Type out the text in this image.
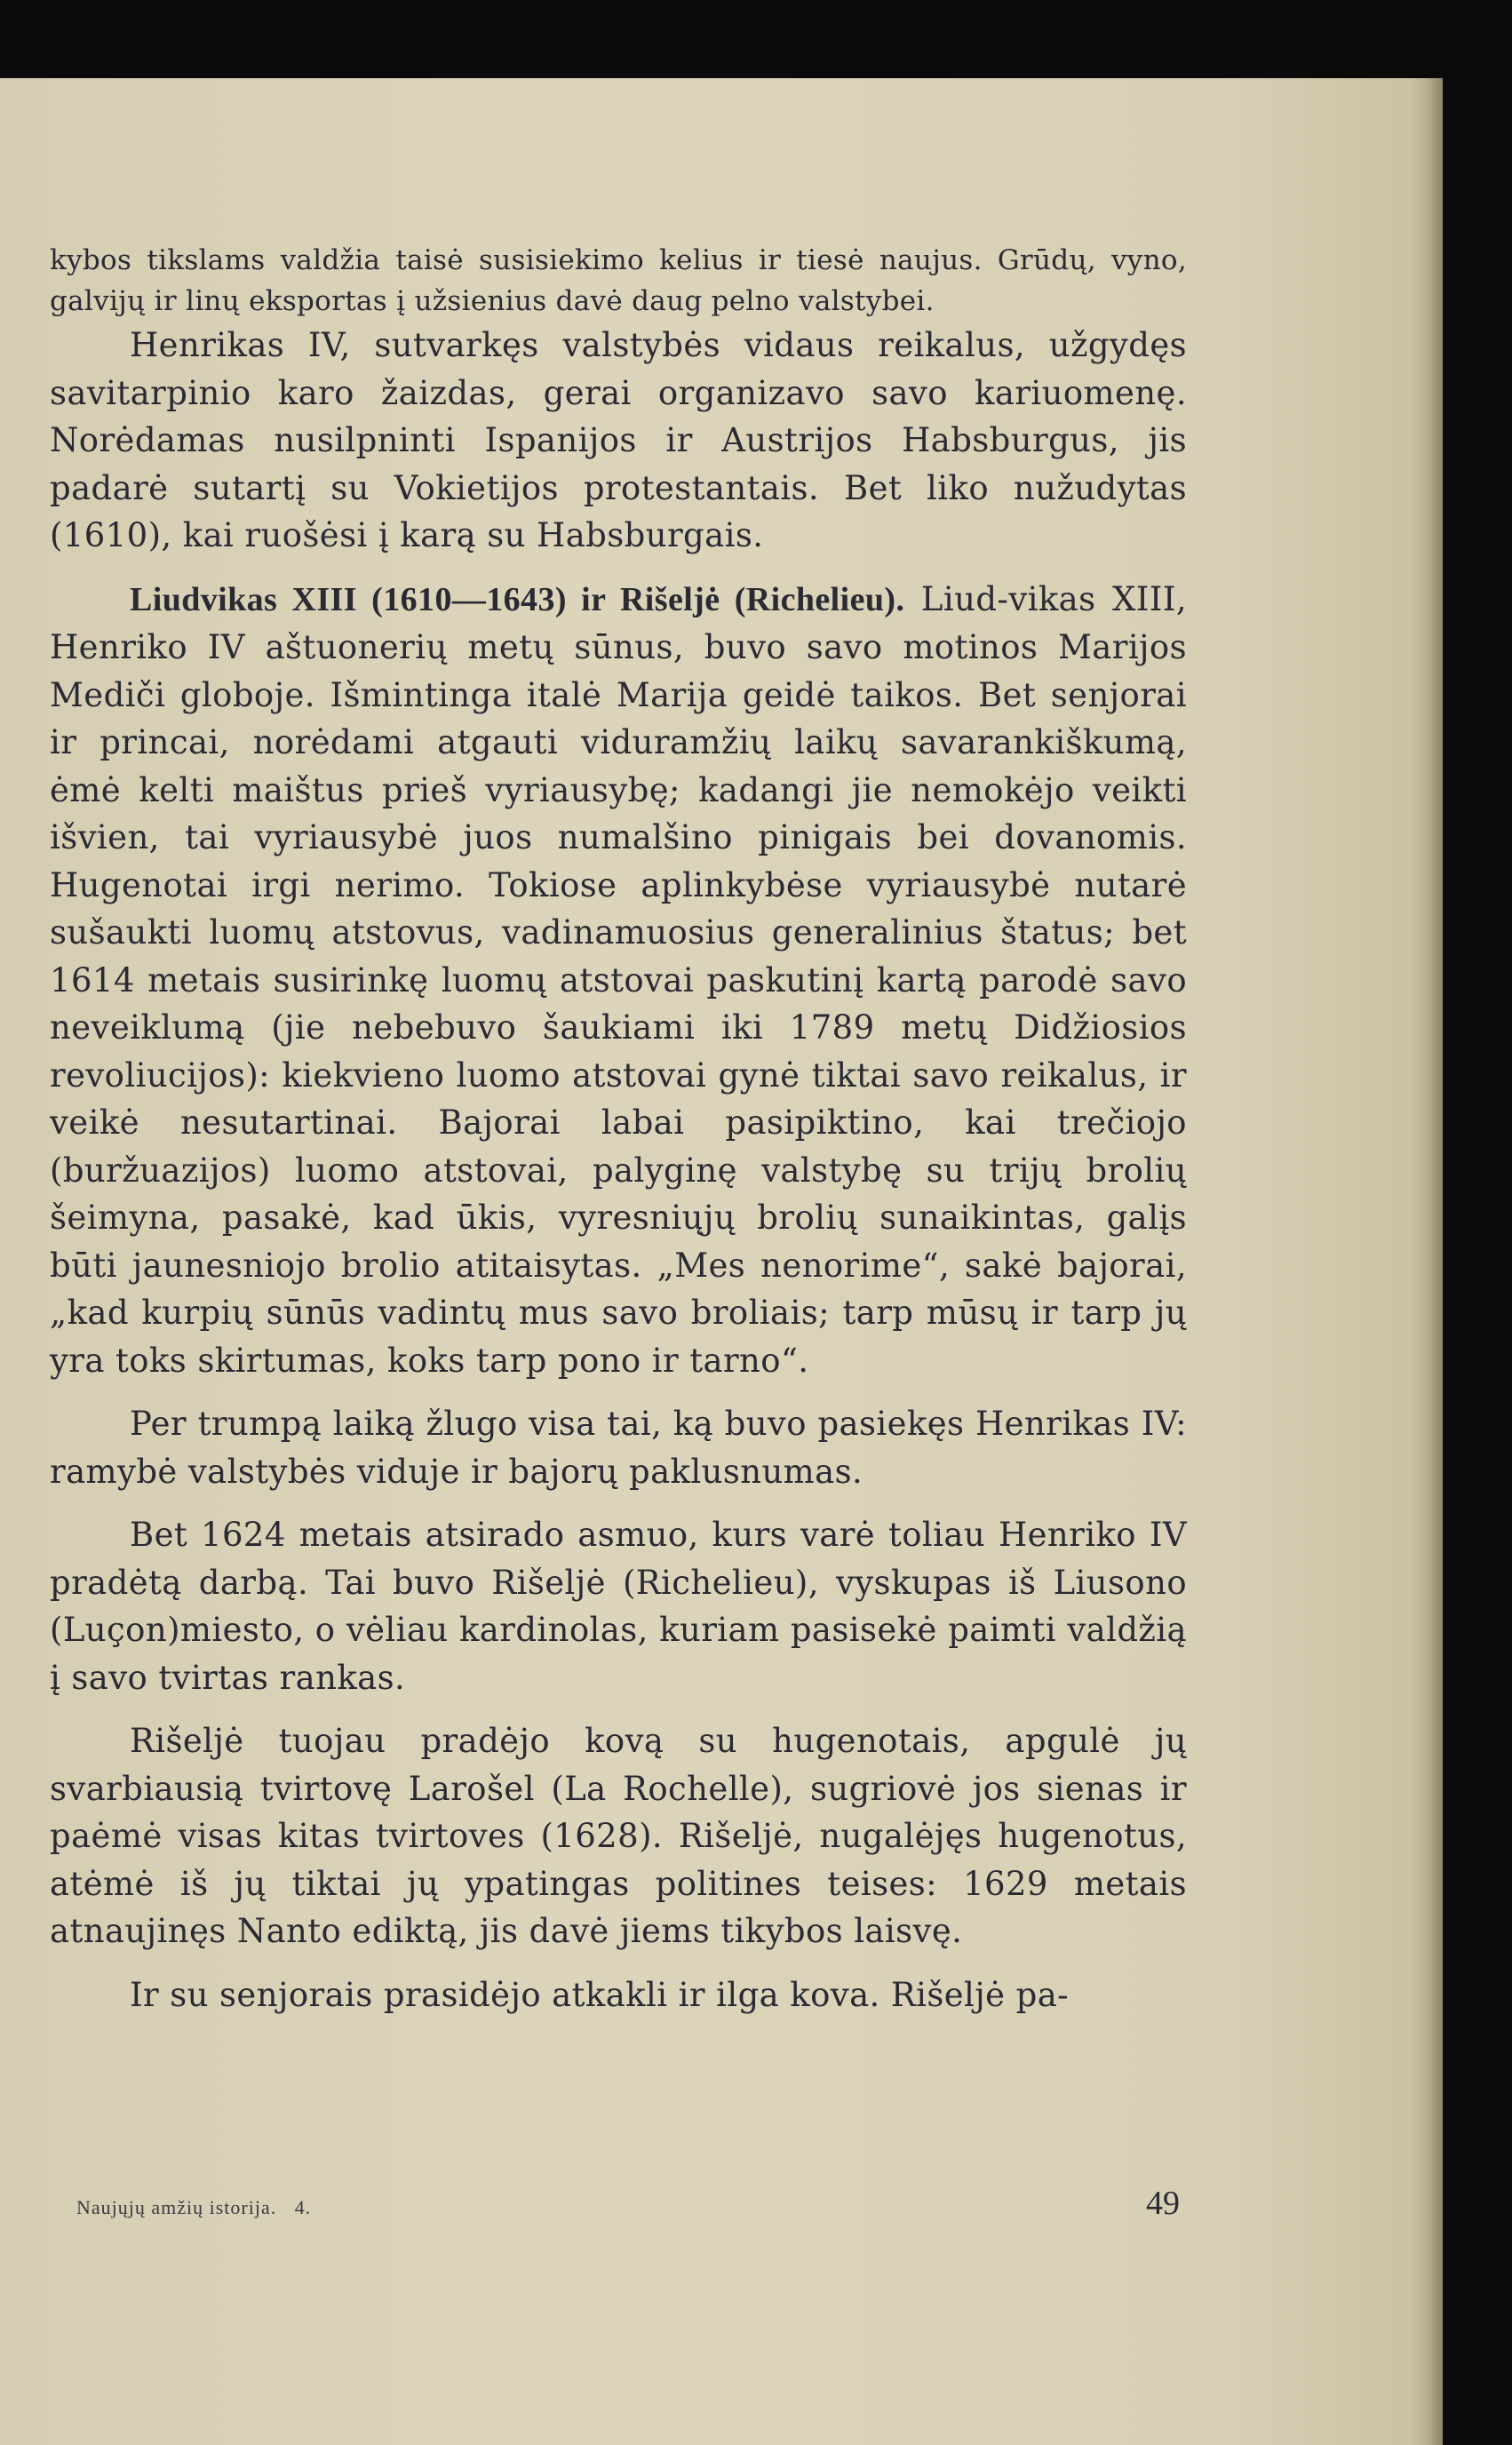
kybos tikslams valdžia taisė susisiekimo kelius ir tiesė naujus. Grūdų, vyno, galvijų ir linų eksportas į užsienius davė daug pelno valstybei.

Henrikas IV, sutvarkęs valstybės vidaus reikalus, užgydęs savitarpinio karo žaizdas, gerai organizavo savo kariuomenę. Norėdamas nusilpninti Ispanijos ir Austrijos Habsburgus, jis padarė sutartį su Vokietijos protestantais. Bet liko nužudytas (1610), kai ruošėsi į karą su Habsburgais.

Liudvikas XIII (1610—1643) ir Rišeljė (Richelieu). Liud-vikas XIII, Henriko IV aštuonerių metų sūnus, buvo savo motinos Marijos Mediči globoje. Išmintinga italė Marija geidė taikos. Bet senjorai ir princai, norėdami atgauti viduramžių laikų savarankiškumą, ėmė kelti maištus prieš vyriausybę; kadangi jie nemokėjo veikti išvien, tai vyriausybė juos numalšino pinigais bei dovanomis. Hugenotai irgi nerimo. Tokiose aplinkybėse vyriausybė nutarė sušaukti luomų atstovus, vadinamuosius generalinius štatus; bet 1614 metais susirinkę luomų atstovai paskutinį kartą parodė savo neveiklumą (jie nebebuvo šaukiami iki 1789 metų Didžiosios revoliucijos): kiekvieno luomo atstovai gynė tiktai savo reikalus, ir veikė nesutartinai. Bajorai labai pasipiktino, kai trečiojo (buržuazijos) luomo atstovai, palyginę valstybę su trijų brolių šeimyna, pasakė, kad ūkis, vyresniųjų brolių sunaikintas, galįs būti jaunesniojo brolio atitaisytas. „Mes nenorime“, sakė bajorai, „kad kurpių sūnūs vadintų mus savo broliais; tarp mūsų ir tarp jų yra toks skirtumas, koks tarp pono ir tarno“.

Per trumpą laiką žlugo visa tai, ką buvo pasiekęs Henrikas IV: ramybė valstybės viduje ir bajorų paklusnumas.

Bet 1624 metais atsirado asmuo, kurs varė toliau Henriko IV pradėtą darbą. Tai buvo Rišeljė (Richelieu), vyskupas iš Liusono (Luçon)miesto, o vėliau kardinolas, kuriam pasisekė paimti valdžią į savo tvirtas rankas.

Rišeljė tuojau pradėjo kovą su hugenotais, apgulė jų svarbiausią tvirtovę Larošel (La Rochelle), sugriovė jos sienas ir paėmė visas kitas tvirtoves (1628). Rišeljė, nugalėjęs hugenotus, atėmė iš jų tiktai jų ypatingas politines teises: 1629 metais atnaujinęs Nanto ediktą, jis davė jiems tikybos laisvę.

Ir su senjorais prasidėjo atkakli ir ilga kova. Rišeljė pa-

Naujųjų amžių istorija. 4.	49
